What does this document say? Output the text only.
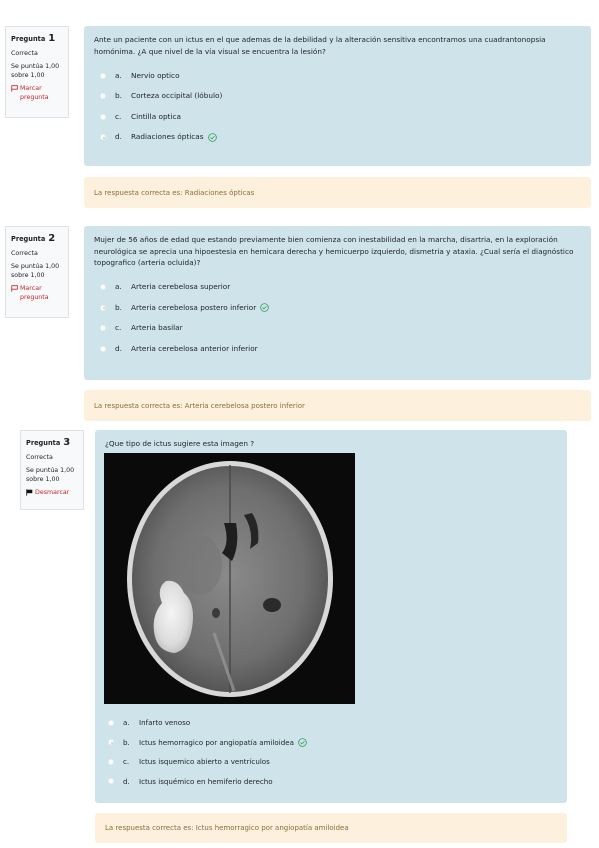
Pregunta 1
Correcta
Se puntúa 1,00
sobre 1,00
Marcar pregunta

Ante un paciente con un ictus en el que ademas de la debilidad y la alteración sensitiva encontramos una cuadrantonopsia homónima. ¿A que nivel de la vía visual se encuentra la lesión?

a.	Nervio optico
b.	Corteza occipital (lóbulo)
c.	Cintilla optica
d.	Radiaciones ópticas
La respuesta correcta es: Radiaciones ópticas
Pregunta 2
Correcta
Se puntúa 1,00
sobre 1,00
Marcar pregunta

Mujer de 56 años de edad que estando previamente bien comienza con inestabilidad en la marcha, disartria, en la exploración neurológica se aprecia una hipoestesia en hemicara derecha y hemicuerpo izquierdo, dismetria y ataxia. ¿Cual sería el diagnóstico topografico (arteria ocluida)?

a.	Arteria cerebelosa superior
b.	Arteria cerebelosa postero inferior
c.	Arteria basilar
d.	Arteria cerebelosa anterior inferior
La respuesta correcta es: Arteria cerebelosa postero inferior
Pregunta 3
Correcta
Se puntúa 1,00
sobre 1,00
Desmarcar

¿Que tipo de ictus sugiere esta imagen ?

a.	Infarto venoso
b.	Ictus hemorragico por angiopatía amiloidea
c.	Ictus isquemico abierto a ventrículos
d.	Ictus isquémico en hemiferio derecho
La respuesta correcta es: Ictus hemorragico por angiopatía amiloidea
